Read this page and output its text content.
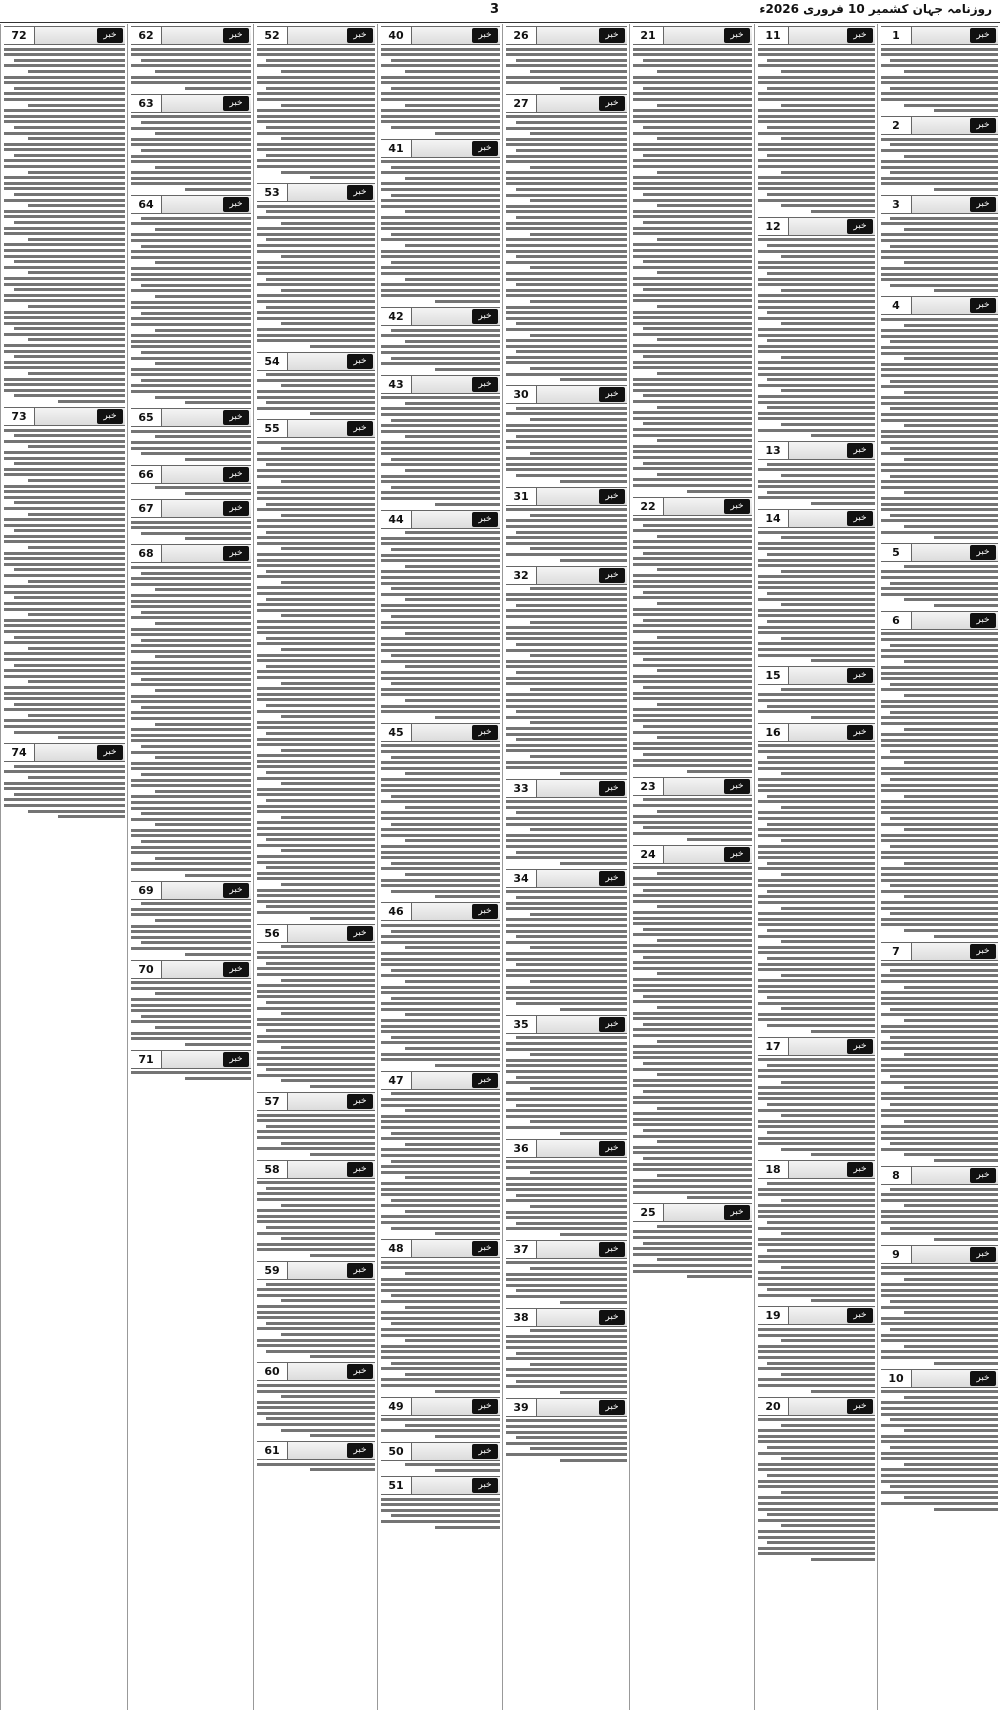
3	روزنامہ جہان کشمیر 10 فروری 2026ء
1	خبر
2	خبر
3	خبر
4	خبر
5	خبر
6	خبر
7	خبر
8	خبر
9	خبر
10	خبر
11	خبر
12	خبر
13	خبر
14	خبر
15	خبر
16	خبر
17	خبر
18	خبر
19	خبر
20	خبر
21	خبر
22	خبر
23	خبر
24	خبر
25	خبر
26	خبر
27	خبر
30	خبر
31	خبر
32	خبر
33	خبر
34	خبر
35	خبر
36	خبر
37	خبر
38	خبر
39	خبر
40	خبر
41	خبر
42	خبر
43	خبر
44	خبر
45	خبر
46	خبر
47	خبر
48	خبر
49	خبر
50	خبر
51	خبر
52	خبر
53	خبر
54	خبر
55	خبر
56	خبر
57	خبر
58	خبر
59	خبر
60	خبر
61	خبر
62	خبر
63	خبر
64	خبر
65	خبر
66	خبر
67	خبر
68	خبر
69	خبر
70	خبر
71	خبر
72	خبر
73	خبر
74	خبر
